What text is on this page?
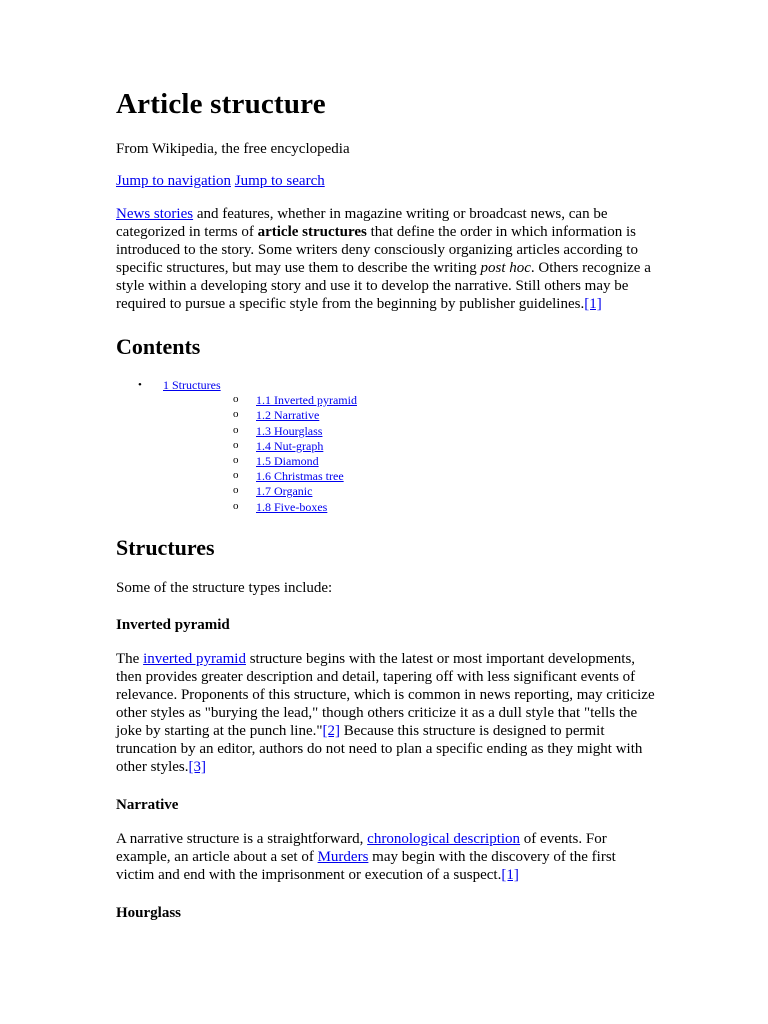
Article structure
From Wikipedia, the free encyclopedia
Jump to navigation Jump to search

News stories and features, whether in magazine writing or broadcast news, can be categorized in terms of article structures that define the order in which information is introduced to the story. Some writers deny consciously organizing articles according to specific structures, but may use them to describe the writing post hoc. Others recognize a style within a developing story and use it to develop the narrative. Still others may be required to pursue a specific style from the beginning by publisher guidelines.[1]

Contents
• 1 Structures
o 1.1 Inverted pyramid
o 1.2 Narrative
o 1.3 Hourglass
o 1.4 Nut-graph
o 1.5 Diamond
o 1.6 Christmas tree
o 1.7 Organic
o 1.8 Five-boxes
Structures

Some of the structure types include:

Inverted pyramid

The inverted pyramid structure begins with the latest or most important developments, then provides greater description and detail, tapering off with less significant events of relevance. Proponents of this structure, which is common in news reporting, may criticize other styles as "burying the lead," though others criticize it as a dull style that "tells the joke by starting at the punch line."[2] Because this structure is designed to permit truncation by an editor, authors do not need to plan a specific ending as they might with other styles.[3]

Narrative

A narrative structure is a straightforward, chronological description of events. For example, an article about a set of Murders may begin with the discovery of the first victim and end with the imprisonment or execution of a suspect.[1]

Hourglass
